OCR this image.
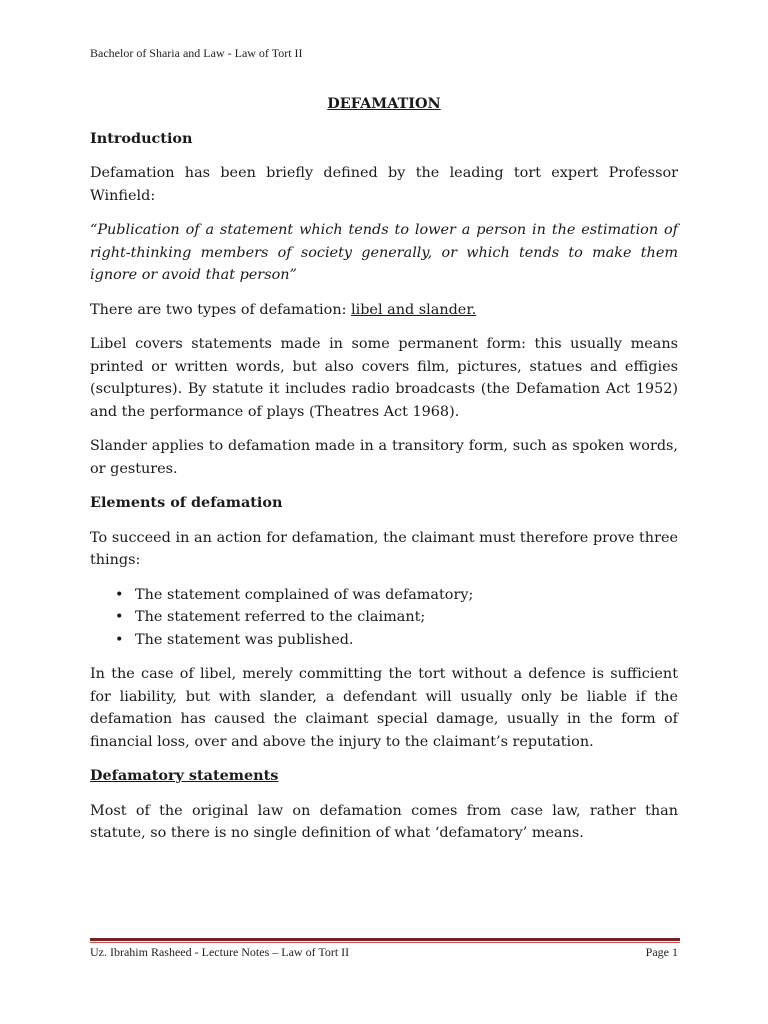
Bachelor of Sharia and Law - Law of Tort II
DEFAMATION
Introduction

Defamation has been briefly defined by the leading tort expert Professor Winfield:

“Publication of a statement which tends to lower a person in the estimation of right-thinking members of society generally, or which tends to make them ignore or avoid that person”

There are two types of defamation: libel and slander.

Libel covers statements made in some permanent form: this usually means printed or written words, but also covers film, pictures, statues and effigies (sculptures). By statute it includes radio broadcasts (the Defamation Act 1952) and the performance of plays (Theatres Act 1968).

Slander applies to defamation made in a transitory form, such as spoken words, or gestures.

Elements of defamation

To succeed in an action for defamation, the claimant must therefore prove three things:

• The statement complained of was defamatory;
• The statement referred to the claimant;
• The statement was published.

In the case of libel, merely committing the tort without a defence is sufficient for liability, but with slander, a defendant will usually only be liable if the defamation has caused the claimant special damage, usually in the form of financial loss, over and above the injury to the claimant’s reputation.

Defamatory statements

Most of the original law on defamation comes from case law, rather than statute, so there is no single definition of what ‘defamatory’ means.

Uz. Ibrahim Rasheed - Lecture Notes – Law of Tort II	Page 1
